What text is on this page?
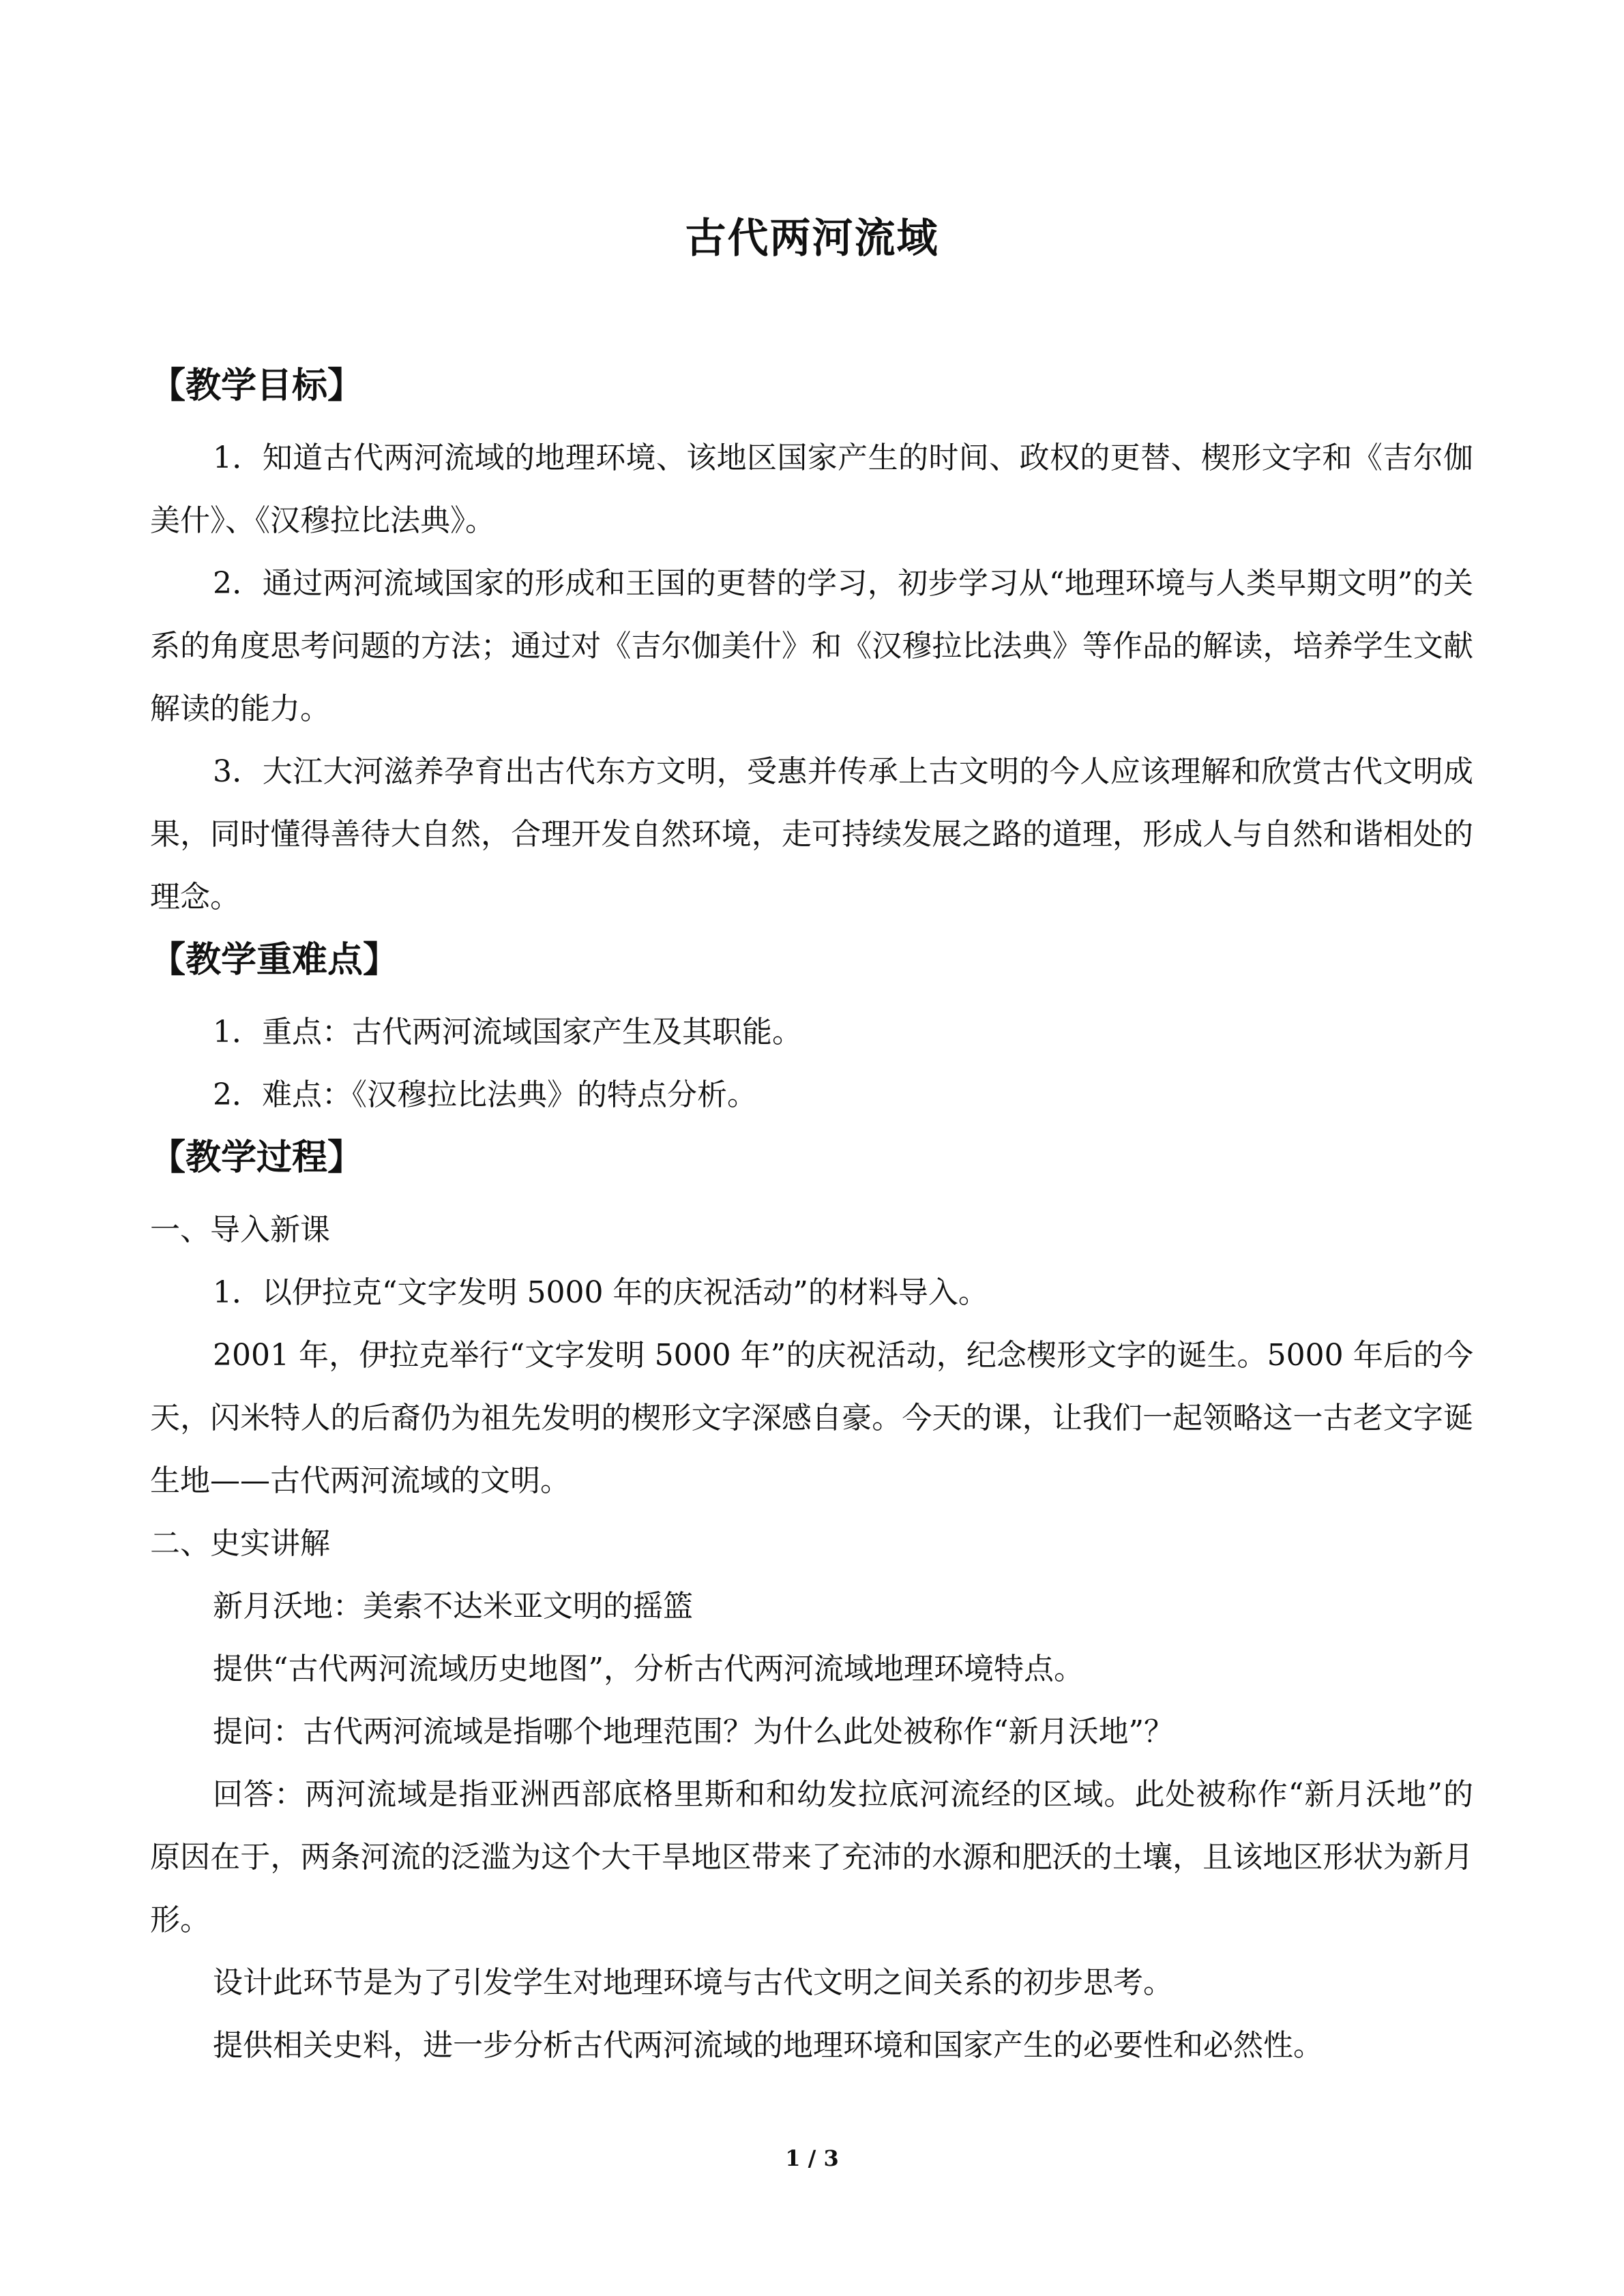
古代两河流域

【教学目标】

1．知道古代两河流域的地理环境、该地区国家产生的时间、政权的更替、楔形文字和《吉尔伽美什》、《汉穆拉比法典》。

2．通过两河流域国家的形成和王国的更替的学习，初步学习从“地理环境与人类早期文明”的关系的角度思考问题的方法；通过对《吉尔伽美什》和《汉穆拉比法典》等作品的解读，培养学生文献解读的能力。

3．大江大河滋养孕育出古代东方文明，受惠并传承上古文明的今人应该理解和欣赏古代文明成果，同时懂得善待大自然，合理开发自然环境，走可持续发展之路的道理，形成人与自然和谐相处的理念。

【教学重难点】

1．重点：古代两河流域国家产生及其职能。

2．难点：《汉穆拉比法典》的特点分析。

【教学过程】

一、导入新课

1．以伊拉克“文字发明 5000 年的庆祝活动”的材料导入。

2001 年，伊拉克举行“文字发明 5000 年”的庆祝活动，纪念楔形文字的诞生。5000 年后的今天，闪米特人的后裔仍为祖先发明的楔形文字深感自豪。今天的课，让我们一起领略这一古老文字诞生地——古代两河流域的文明。

二、史实讲解

新月沃地：美索不达米亚文明的摇篮

提供“古代两河流域历史地图”，分析古代两河流域地理环境特点。

提问：古代两河流域是指哪个地理范围？为什么此处被称作“新月沃地”？

回答：两河流域是指亚洲西部底格里斯和和幼发拉底河流经的区域。此处被称作“新月沃地”的原因在于，两条河流的泛滥为这个大干旱地区带来了充沛的水源和肥沃的土壤，且该地区形状为新月形。

设计此环节是为了引发学生对地理环境与古代文明之间关系的初步思考。

提供相关史料，进一步分析古代两河流域的地理环境和国家产生的必要性和必然性。

1 / 3
